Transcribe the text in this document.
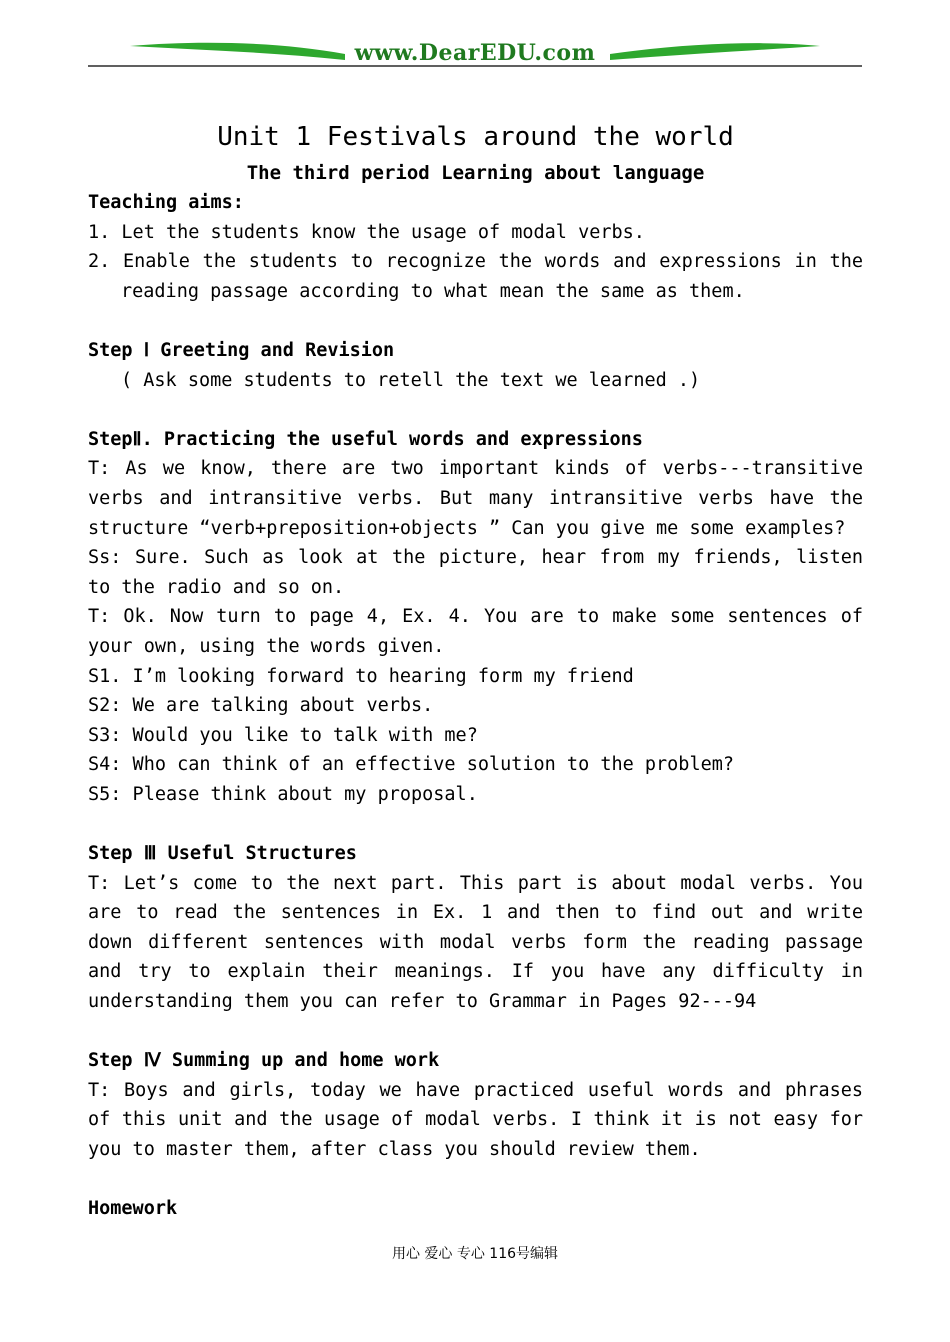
www.DearEDU.com

Unit 1 Festivals around the world

The third period Learning about language

Teaching aims:

1. Let the students know the usage of modal verbs.

2. Enable the students to recognize the words and expressions in the reading passage according to what mean the same as them.

Step Ⅰ Greeting and Revision

( Ask some students to retell the text we learned .)

StepⅡ. Practicing the useful words and expressions

T: As we know, there are two important kinds of verbs---transitive verbs and intransitive verbs. But many intransitive verbs have the structure “verb+preposition+objects ” Can you give me some examples?

Ss: Sure. Such as look at the picture, hear from my friends, listen to the radio and so on.

T: Ok. Now turn to page 4, Ex. 4. You are to make some sentences of your own, using the words given.

S1. I’m looking forward to hearing form my friend

S2: We are talking about verbs.

S3: Would you like to talk with me?

S4: Who can think of an effective solution to the problem?

S5: Please think about my proposal.

Step Ⅲ Useful Structures

T: Let’s come to the next part. This part is about modal verbs. You are to read the sentences in Ex. 1 and then to find out and write down different sentences with modal verbs form the reading passage and try to explain their meanings. If you have any difficulty in understanding them you can refer to Grammar in Pages 92---94

Step Ⅳ Summing up and home work

T: Boys and girls, today we have practiced useful words and phrases of this unit and the usage of modal verbs. I think it is not easy for you to master them, after class you should review them.

Homework

用心 爱心 专心 116号编辑
